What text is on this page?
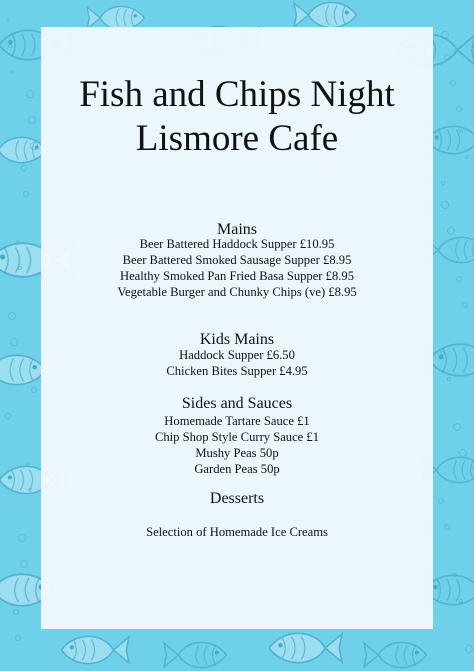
Fish and Chips Night
Lismore Cafe
Mains
Beer Battered Haddock Supper £10.95
Beer Battered Smoked Sausage Supper £8.95
Healthy Smoked Pan Fried Basa Supper £8.95
Vegetable Burger and Chunky Chips (ve) £8.95
Kids Mains
Haddock Supper £6.50
Chicken Bites Supper £4.95
Sides and Sauces
Homemade Tartare Sauce £1
Chip Shop Style Curry Sauce £1
Mushy Peas 50p
Garden Peas 50p
Desserts
Selection of Homemade Ice Creams
